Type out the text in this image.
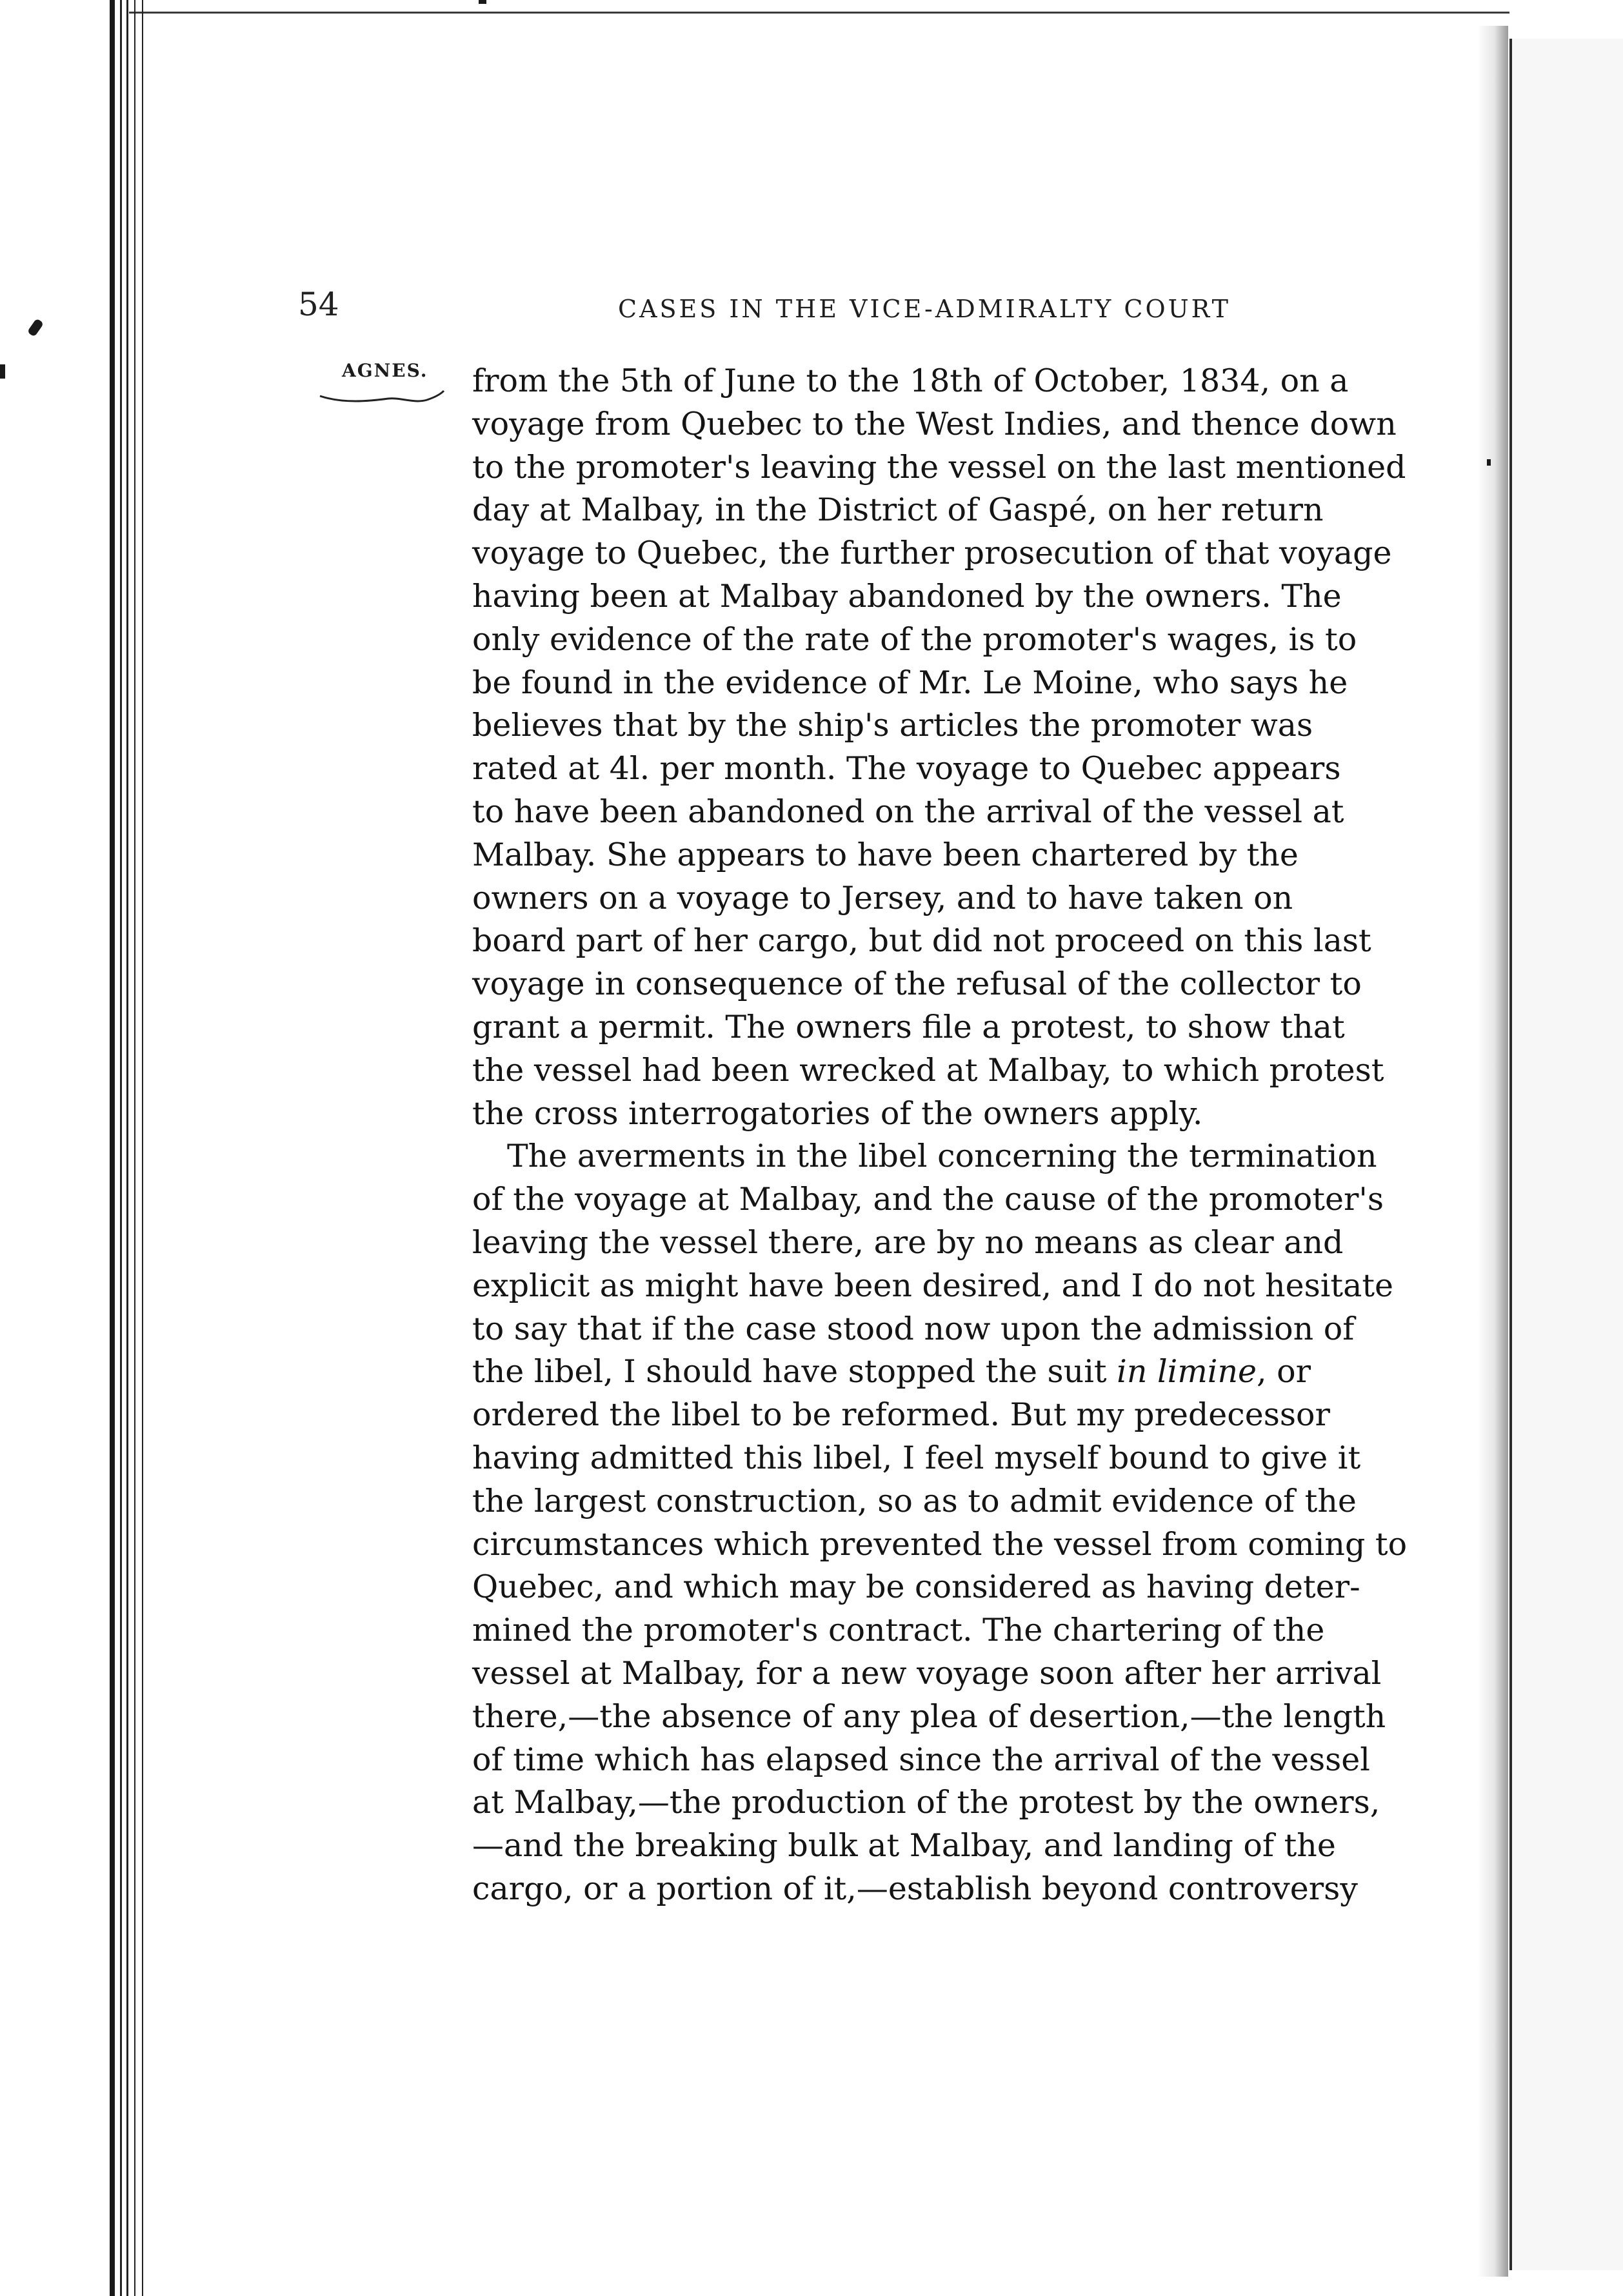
54	CASES IN THE VICE-ADMIRALTY COURT
AGNES. from the 5th of June to the 18th of October, 1834, on a
voyage from Quebec to the West Indies, and thence down
to the promoter's leaving the vessel on the last mentioned
day at Malbay, in the District of Gaspé, on her return
voyage to Quebec, the further prosecution of that voyage
having been at Malbay abandoned by the owners. The
only evidence of the rate of the promoter's wages, is to
be found in the evidence of Mr. Le Moine, who says he
believes that by the ship's articles the promoter was
rated at 4l. per month. The voyage to Quebec appears
to have been abandoned on the arrival of the vessel at
Malbay. She appears to have been chartered by the
owners on a voyage to Jersey, and to have taken on
board part of her cargo, but did not proceed on this last
voyage in consequence of the refusal of the collector to
grant a permit. The owners file a protest, to show that
the vessel had been wrecked at Malbay, to which protest
the cross interrogatories of the owners apply.
The averments in the libel concerning the termination
of the voyage at Malbay, and the cause of the promoter's
leaving the vessel there, are by no means as clear and
explicit as might have been desired, and I do not hesitate
to say that if the case stood now upon the admission of
the libel, I should have stopped the suit in limine, or
ordered the libel to be reformed. But my predecessor
having admitted this libel, I feel myself bound to give it
the largest construction, so as to admit evidence of the
circumstances which prevented the vessel from coming to
Quebec, and which may be considered as having deter-
mined the promoter's contract. The chartering of the
vessel at Malbay, for a new voyage soon after her arrival
there,—the absence of any plea of desertion,—the length
of time which has elapsed since the arrival of the vessel
at Malbay,—the production of the protest by the owners,
—and the breaking bulk at Malbay, and landing of the
cargo, or a portion of it,—establish beyond controversy
